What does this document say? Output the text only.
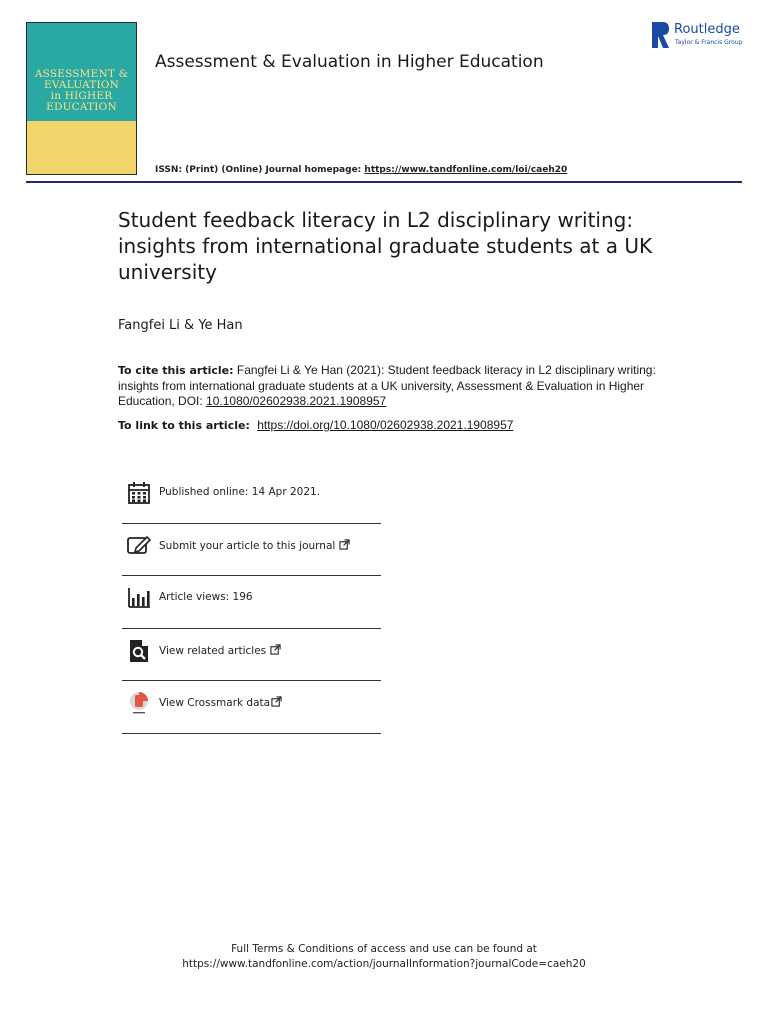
ASSESSMENT &
EVALUATION
in HIGHER
EDUCATION
Assessment & Evaluation in Higher Education
Routledge
Taylor & Francis Group
ISSN: (Print) (Online) Journal homepage: https://www.tandfonline.com/loi/caeh20
Student feedback literacy in L2 disciplinary writing: insights from international graduate students at a UK university
Fangfei Li & Ye Han
To cite this article: Fangfei Li & Ye Han (2021): Student feedback literacy in L2 disciplinary writing: insights from international graduate students at a UK university, Assessment & Evaluation in Higher Education, DOI: 10.1080/02602938.2021.1908957
To link to this article: https://doi.org/10.1080/02602938.2021.1908957
Published online: 14 Apr 2021.
Submit your article to this journal
Article views: 196
View related articles
View Crossmark data
Full Terms & Conditions of access and use can be found at
https://www.tandfonline.com/action/journalInformation?journalCode=caeh20
